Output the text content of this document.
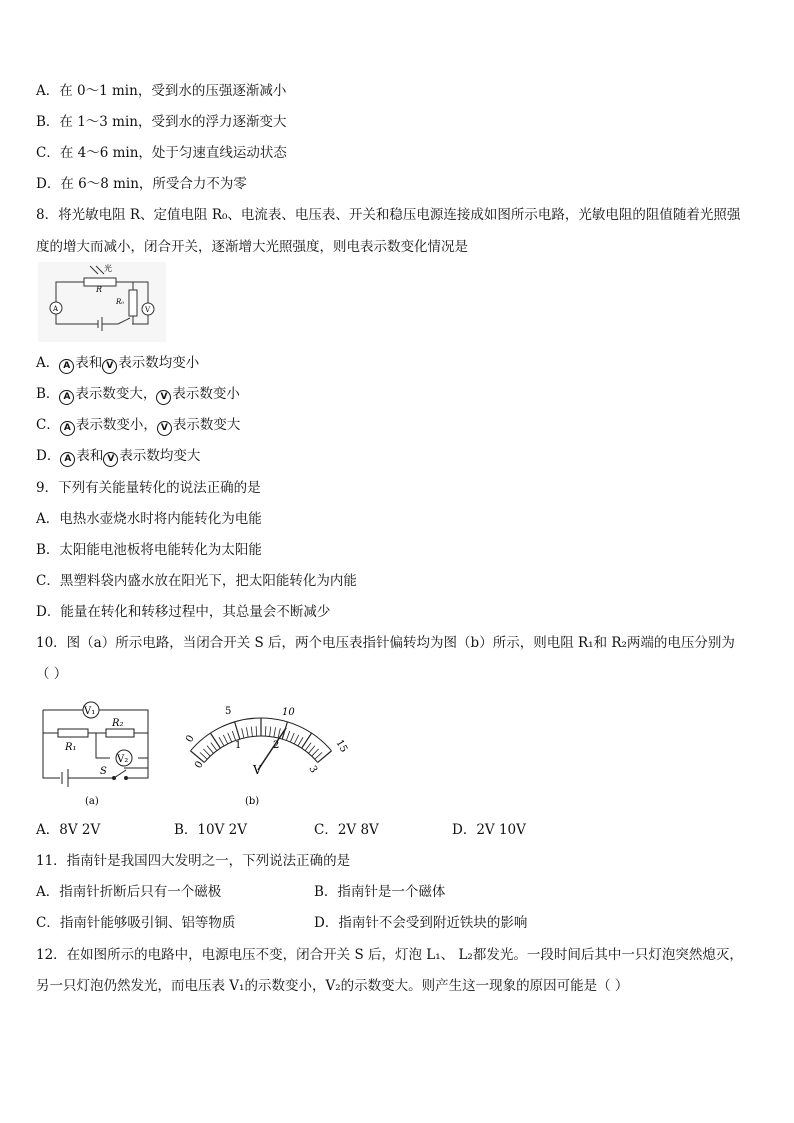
A．在 0～1 min，受到水的压强逐渐减小
B．在 1～3 min，受到水的浮力逐渐变大
C．在 4～6 min，处于匀速直线运动状态
D．在 6～8 min，所受合力不为零
8．将光敏电阻 R、定值电阻 R₀、电流表、电压表、开关和稳压电源连接成如图所示电路，光敏电阻的阻值随着光照强
度的增大而减小，闭合开关，逐渐增大光照强度，则电表示数变化情况是
光
R
R₀
A	V
A． A 表和 V 表示数均变小
B． A 表示数变大， V 表示数变小
C． A 表示数变小， V 表示数变大
D． A 表和 V 表示数均变大
9．下列有关能量转化的说法正确的是
A．电热水壶烧水时将内能转化为电能
B．太阳能电池板将电能转化为太阳能
C．黑塑料袋内盛水放在阳光下，把太阳能转化为内能
D．能量在转化和转移过程中，其总量会不断减少
10．图（a）所示电路，当闭合开关 S 后，两个电压表指针偏转均为图（b）所示，则电阻 R₁和 R₂两端的电压分别为
（ ）
V₁
V₂
R₁
R₂
S
(a)
0
5	10
15
0
1	2
3
V
(b)
A．8V 2V	B．10V 2V	C．2V 8V	D．2V 10V
11．指南针是我国四大发明之一，下列说法正确的是
A．指南针折断后只有一个磁极	B．指南针是一个磁体
C．指南针能够吸引铜、铝等物质	D．指南针不会受到附近铁块的影响
12．在如图所示的电路中，电源电压不变，闭合开关 S 后，灯泡 L₁、 L₂都发光。一段时间后其中一只灯泡突然熄灭，
另一只灯泡仍然发光，而电压表 V₁的示数变小，V₂的示数变大。则产生这一现象的原因可能是（ ）
